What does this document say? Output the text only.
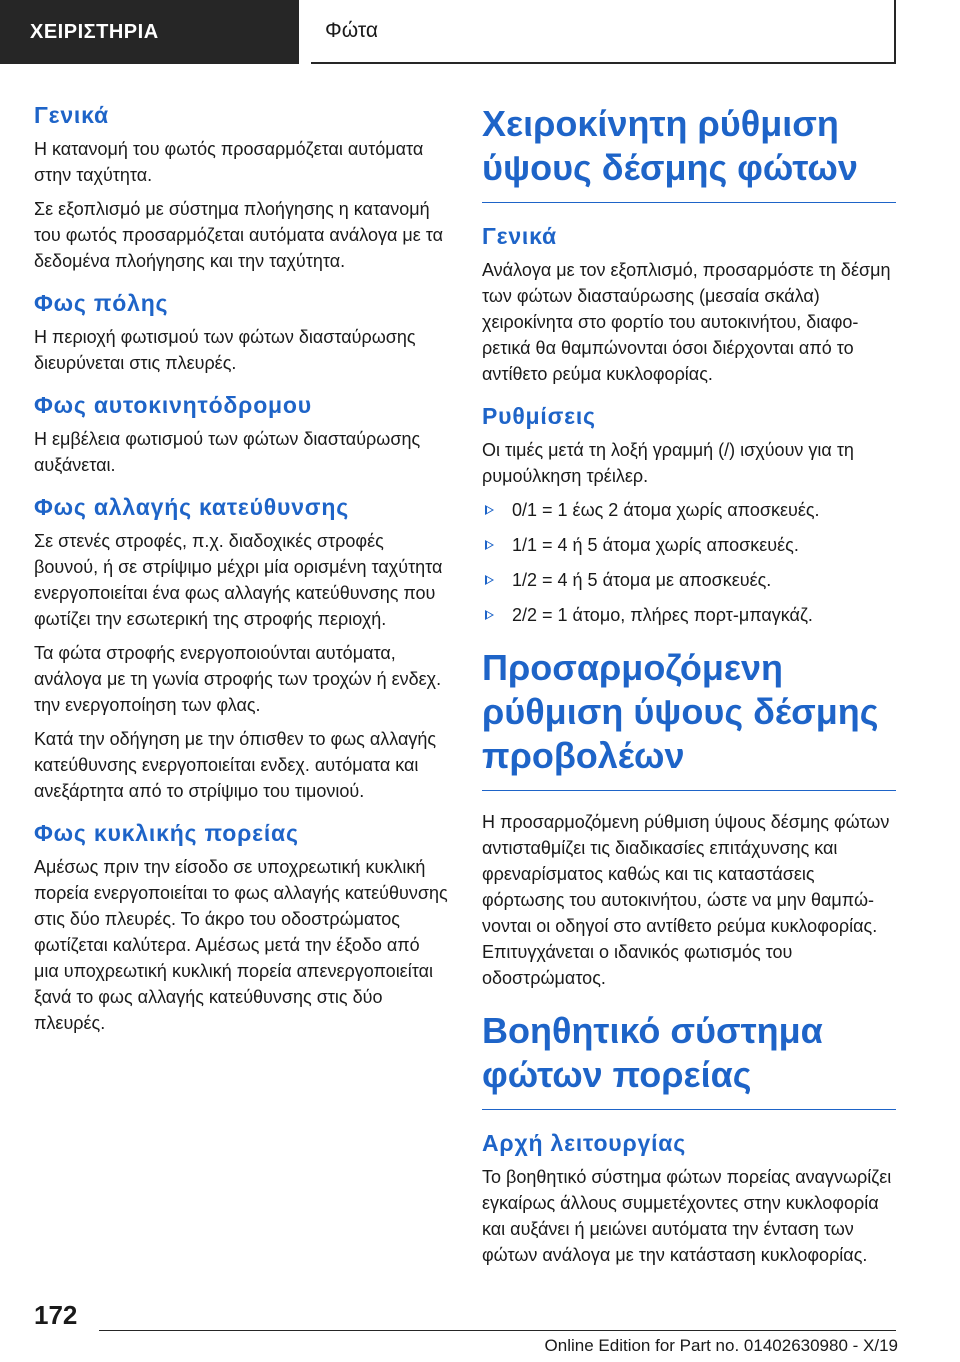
ΧΕΙΡΙΣΤΗΡΙΑ	Φώτα
Γενικά

Η κατανομή του φωτός προσαρμόζεται αυτόματα στην ταχύτητα.

Σε εξοπλισμό με σύστημα πλοήγησης η κατανομή του φωτός προσαρμόζεται αυτόματα ανάλογα με τα δεδομένα πλοήγησης και την ταχύτητα.

Φως πόλης

Η περιοχή φωτισμού των φώτων διασταύρωσης διευρύνεται στις πλευρές.

Φως αυτοκινητόδρομου

Η εμβέλεια φωτισμού των φώτων διασταύρωσης αυξάνεται.

Φως αλλαγής κατεύθυνσης

Σε στενές στροφές, π.χ. διαδοχικές στροφές βουνού, ή σε στρίψιμο μέχρι μία ορισμένη ταχύτητα ενεργοποιείται ένα φως αλλαγής κατεύθυνσης που φωτίζει την εσωτερική της στροφής περιοχή.

Τα φώτα στροφής ενεργοποιούνται αυτόματα, ανάλογα με τη γωνία στροφής των τροχών ή ενδεχ. την ενεργοποίηση των φλας.

Κατά την οδήγηση με την όπισθεν το φως αλλαγής κατεύθυνσης ενεργοποιείται ενδεχ. αυτόματα και ανεξάρτητα από το στρίψιμο του τιμονιού.

Φως κυκλικής πορείας

Αμέσως πριν την είσοδο σε υποχρεωτική κυκλική πορεία ενεργοποιείται το φως αλλαγής κατεύθυνσης στις δύο πλευρές. Το άκρο του οδοστρώματος φωτίζεται καλύτερα. Αμέσως μετά την έξοδο από μια υποχρεωτική κυκλική πορεία απενεργοποιείται ξανά το φως αλλαγής κατεύθυνσης στις δύο πλευρές.

Χειροκίνητη ρύθμιση ύψους δέσμης φώτων
Γενικά

Ανάλογα με τον εξοπλισμό, προσαρμόστε τη δέσμη των φώτων διασταύρωσης (μεσαία σκάλα) χειροκίνητα στο φορτίο του αυτοκινήτου, διαφορετικά θα θαμπώνονται όσοι διέρχονται από το αντίθετο ρεύμα κυκλοφορίας.

Ρυθμίσεις

Οι τιμές μετά τη λοξή γραμμή (/) ισχύουν για τη ρυμούλκηση τρέιλερ.

0/1 = 1 έως 2 άτομα χωρίς αποσκευές.
1/1 = 4 ή 5 άτομα χωρίς αποσκευές.
1/2 = 4 ή 5 άτομα με αποσκευές.
2/2 = 1 άτομο, πλήρες πορτ-μπαγκάζ.
Προσαρμοζόμενη ρύθμιση ύψους δέσμης προβολέων

Η προσαρμοζόμενη ρύθμιση ύψους δέσμης φώτων αντισταθμίζει τις διαδικασίες επιτάχυνσης και φρεναρίσματος καθώς και τις καταστάσεις φόρτωσης του αυτοκινήτου, ώστε να μην θαμπώνονται οι οδηγοί στο αντίθετο ρεύμα κυκλοφορίας. Επιτυγχάνεται ο ιδανικός φωτισμός του οδοστρώματος.

Βοηθητικό σύστημα φώτων πορείας
Αρχή λειτουργίας

Το βοηθητικό σύστημα φώτων πορείας αναγνωρίζει εγκαίρως άλλους συμμετέχοντες στην κυκλοφορία και αυξάνει ή μειώνει αυτόματα την ένταση των φώτων ανάλογα με την κατάσταση κυκλοφορίας.

172
Online Edition for Part no. 01402630980 - X/19
